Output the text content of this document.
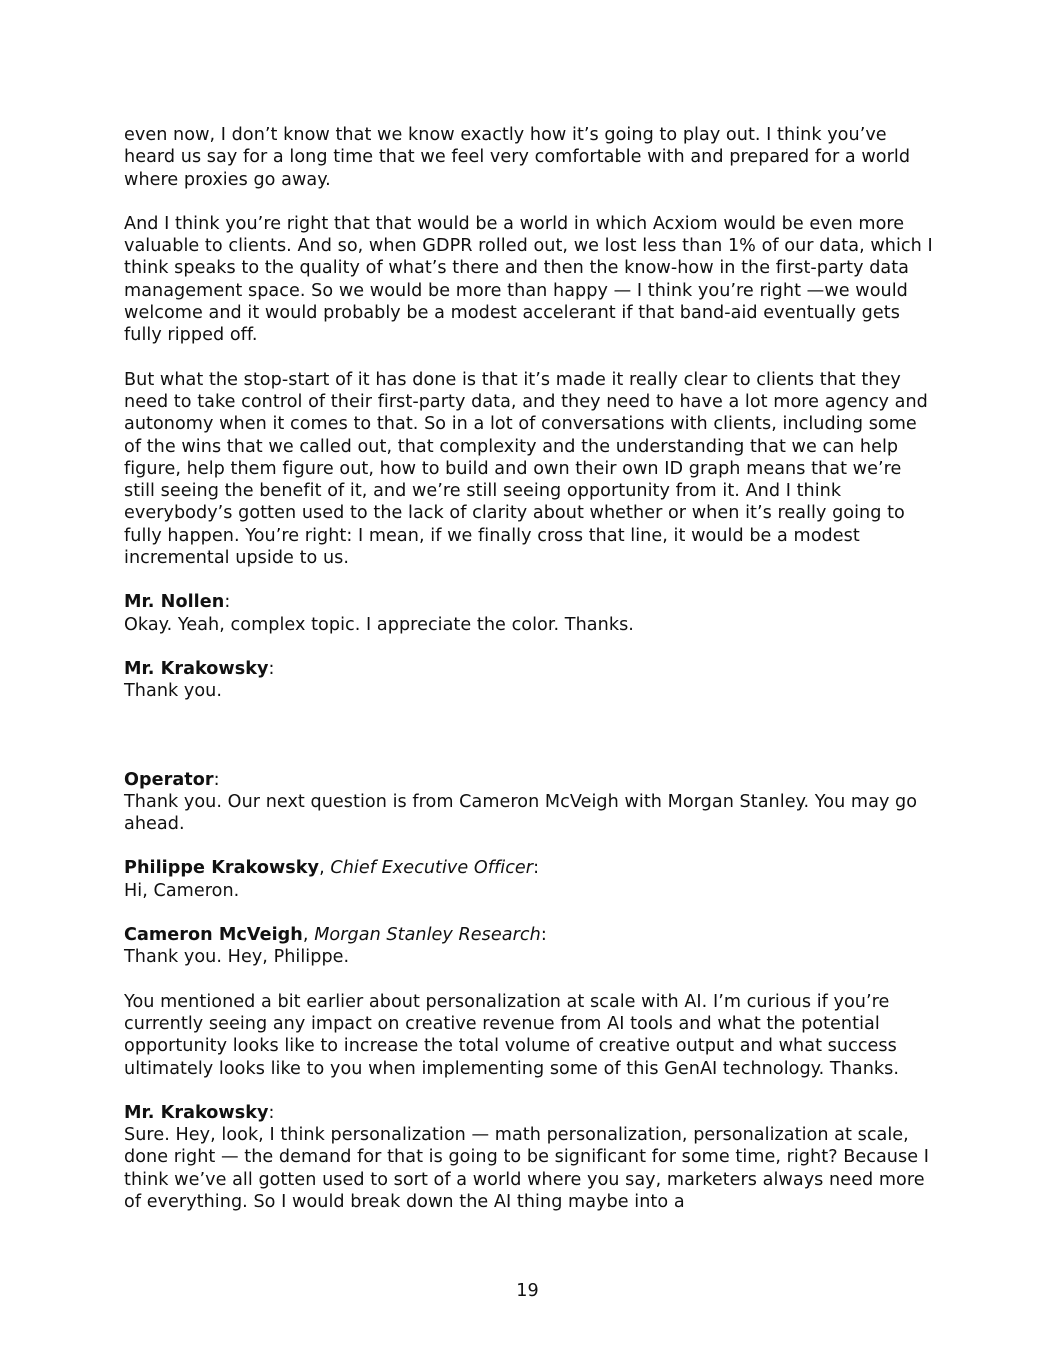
even now, I don’t know that we know exactly how it’s going to play out. I think you’ve heard us say for a long time that we feel very comfortable with and prepared for a world where proxies go away.

And I think you’re right that that would be a world in which Acxiom would be even more valuable to clients. And so, when GDPR rolled out, we lost less than 1% of our data, which I think speaks to the quality of what’s there and then the know-how in the first-party data management space. So we would be more than happy — I think you’re right —we would welcome and it would probably be a modest accelerant if that band-aid eventually gets fully ripped off.

But what the stop-start of it has done is that it’s made it really clear to clients that they need to take control of their first-party data, and they need to have a lot more agency and autonomy when it comes to that. So in a lot of conversations with clients, including some of the wins that we called out, that complexity and the understanding that we can help figure, help them figure out, how to build and own their own ID graph means that we’re still seeing the benefit of it, and we’re still seeing opportunity from it. And I think everybody’s gotten used to the lack of clarity about whether or when it’s really going to fully happen. You’re right: I mean, if we finally cross that line, it would be a modest incremental upside to us.

Mr. Nollen:

Okay. Yeah, complex topic. I appreciate the color. Thanks.

Mr. Krakowsky:

Thank you.

Operator:

Thank you. Our next question is from Cameron McVeigh with Morgan Stanley. You may go ahead.

Philippe Krakowsky, Chief Executive Officer:

Hi, Cameron.

Cameron McVeigh, Morgan Stanley Research:

Thank you. Hey, Philippe.

You mentioned a bit earlier about personalization at scale with AI. I’m curious if you’re currently seeing any impact on creative revenue from AI tools and what the potential opportunity looks like to increase the total volume of creative output and what success ultimately looks like to you when implementing some of this GenAI technology. Thanks.

Mr. Krakowsky:

Sure. Hey, look, I think personalization — math personalization, personalization at scale, done right — the demand for that is going to be significant for some time, right? Because I think we’ve all gotten used to sort of a world where you say, marketers always need more of everything. So I would break down the AI thing maybe into a

19
